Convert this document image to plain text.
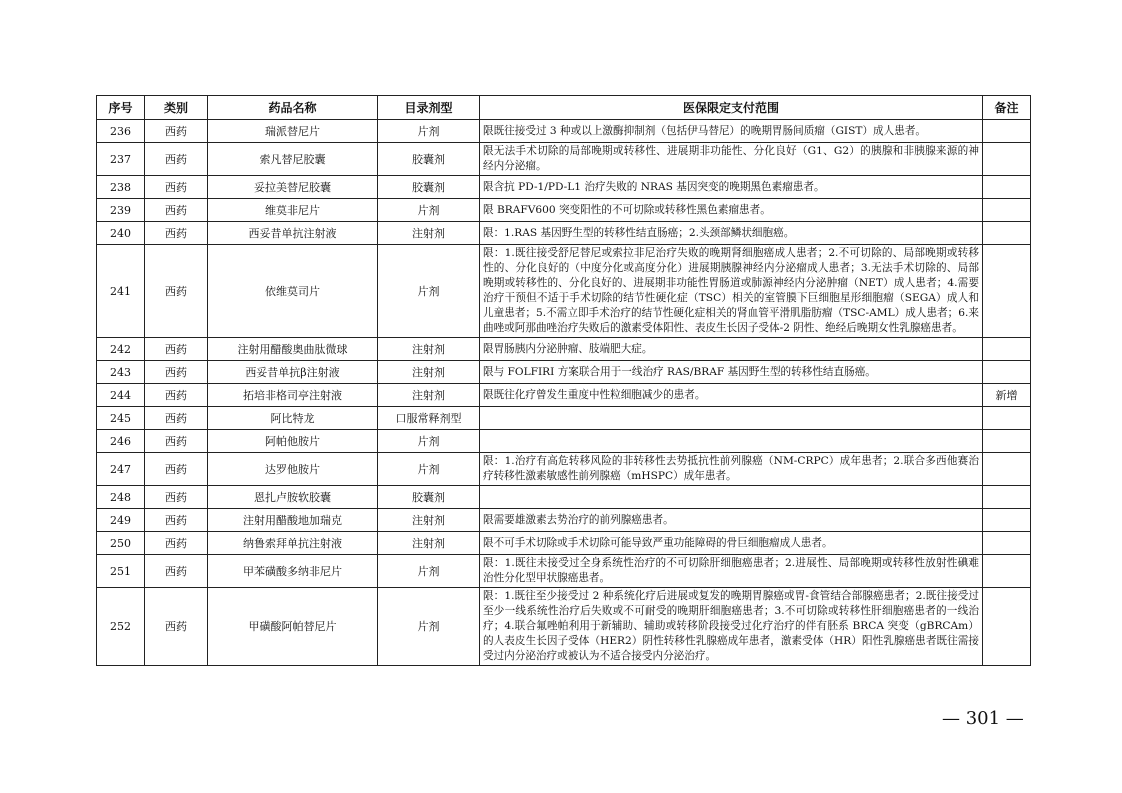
序号	类别	药品名称	目录剂型	医保限定支付范围	备注
236	西药	瑞派替尼片	片剂	限既往接受过 3 种或以上激酶抑制剂（包括伊马替尼）的晚期胃肠间质瘤（GIST）成人患者。	
237	西药	索凡替尼胶囊	胶囊剂	限无法手术切除的局部晚期或转移性、进展期非功能性、分化良好（G1、G2）的胰腺和非胰腺来源的神经内分泌瘤。	
238	西药	妥拉美替尼胶囊	胶囊剂	限含抗 PD-1/PD-L1 治疗失败的 NRAS 基因突变的晚期黑色素瘤患者。	
239	西药	维莫非尼片	片剂	限 BRAFV600 突变阳性的不可切除或转移性黑色素瘤患者。	
240	西药	西妥昔单抗注射液	注射剂	限：1.RAS 基因野生型的转移性结直肠癌；2.头颈部鳞状细胞癌。	
241	西药	依维莫司片	片剂	限：1.既往接受舒尼替尼或索拉非尼治疗失败的晚期肾细胞癌成人患者；2.不可切除的、局部晚期或转移性的、分化良好的（中度分化或高度分化）进展期胰腺神经内分泌瘤成人患者；3.无法手术切除的、局部晚期或转移性的、分化良好的、进展期非功能性胃肠道或肺源神经内分泌肿瘤（NET）成人患者；4.需要治疗干预但不适于手术切除的结节性硬化症（TSC）相关的室管膜下巨细胞星形细胞瘤（SEGA）成人和儿童患者；5.不需立即手术治疗的结节性硬化症相关的肾血管平滑肌脂肪瘤（TSC-AML）成人患者；6.来曲唑或阿那曲唑治疗失败后的激素受体阳性、表皮生长因子受体-2 阴性、绝经后晚期女性乳腺癌患者。	
242	西药	注射用醋酸奥曲肽微球	注射剂	限胃肠胰内分泌肿瘤、肢端肥大症。	
243	西药	西妥昔单抗β注射液	注射剂	限与 FOLFIRI 方案联合用于一线治疗 RAS/BRAF 基因野生型的转移性结直肠癌。	
244	西药	拓培非格司亭注射液	注射剂	限既往化疗曾发生重度中性粒细胞减少的患者。	新增
245	西药	阿比特龙	口服常释剂型		
246	西药	阿帕他胺片	片剂		
247	西药	达罗他胺片	片剂	限：1.治疗有高危转移风险的非转移性去势抵抗性前列腺癌（NM-CRPC）成年患者；2.联合多西他赛治疗转移性激素敏感性前列腺癌（mHSPC）成年患者。	
248	西药	恩扎卢胺软胶囊	胶囊剂		
249	西药	注射用醋酸地加瑞克	注射剂	限需要雄激素去势治疗的前列腺癌患者。	
250	西药	纳鲁索拜单抗注射液	注射剂	限不可手术切除或手术切除可能导致严重功能障碍的骨巨细胞瘤成人患者。	
251	西药	甲苯磺酸多纳非尼片	片剂	限：1.既往未接受过全身系统性治疗的不可切除肝细胞癌患者；2.进展性、局部晚期或转移性放射性碘难治性分化型甲状腺癌患者。	
252	西药	甲磺酸阿帕替尼片	片剂	限：1.既往至少接受过 2 种系统化疗后进展或复发的晚期胃腺癌或胃-食管结合部腺癌患者；2.既往接受过至少一线系统性治疗后失败或不可耐受的晚期肝细胞癌患者；3.不可切除或转移性肝细胞癌患者的一线治疗；4.联合氟唑帕利用于新辅助、辅助或转移阶段接受过化疗治疗的伴有胚系 BRCA 突变（gBRCAm）的人表皮生长因子受体（HER2）阴性转移性乳腺癌成年患者，激素受体（HR）阳性乳腺癌患者既往需接受过内分泌治疗或被认为不适合接受内分泌治疗。	
— 301 —
